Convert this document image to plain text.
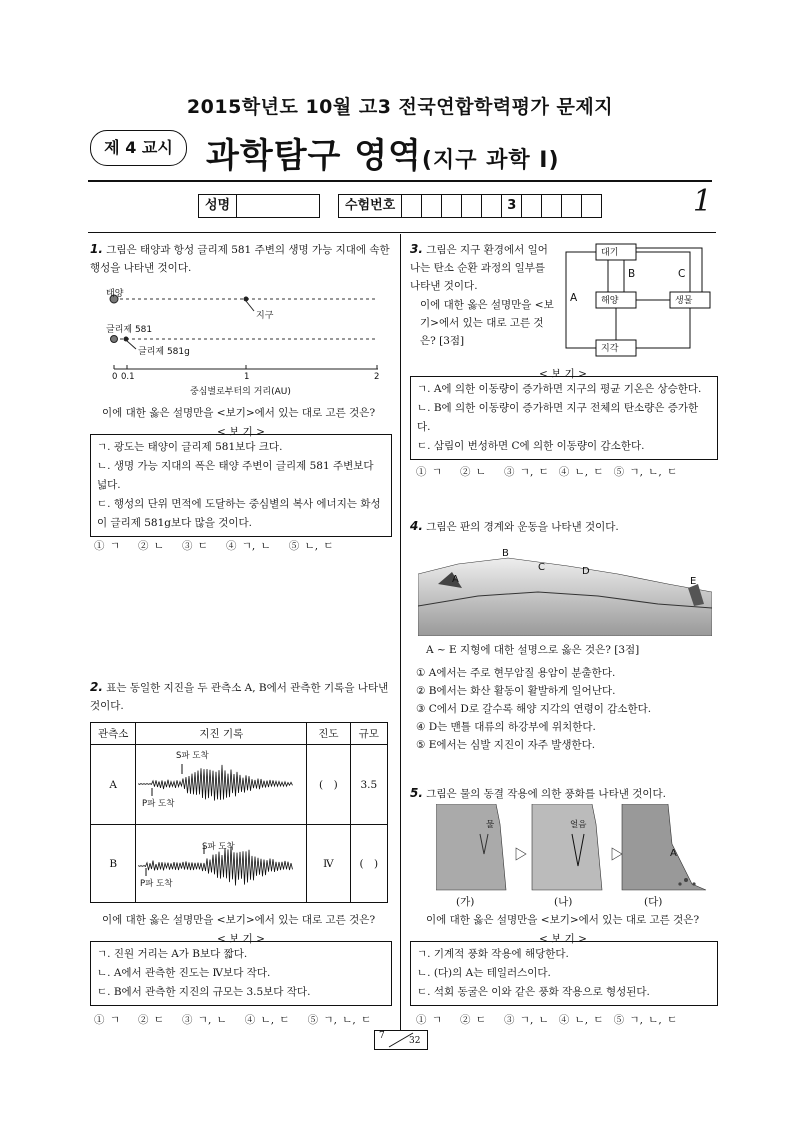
2015학년도 10월 고3 전국연합학력평가 문제지
제 4 교시 과학탐구 영역(지구 과학 Ⅰ)
성명	수험번호	3	1
1. 그림은 태양과 항성 글리제 581 주변의 생명 가능 지대에 속한 행성을 나타낸 것이다.
태양
지구
글리제 581
글리제 581g
0 0.1	1	2
중심별로부터의 거리(AU)
이에 대한 옳은 설명만을 <보기>에서 있는 대로 고른 것은?
< 보 기 >
ㄱ. 광도는 태양이 글리제 581보다 크다.
ㄴ. 생명 가능 지대의 폭은 태양 주변이 글리제 581 주변보다 넓다.
ㄷ. 행성의 단위 면적에 도달하는 중심별의 복사 에너지는 화성이 글리제 581g보다 많을 것이다.
① ㄱ ② ㄴ ③ ㄷ ④ ㄱ, ㄴ ⑤ ㄴ, ㄷ
2. 표는 동일한 지진을 두 관측소 A, B에서 관측한 기록을 나타낸 것이다.
관측소	지진 기록	진도	규모
A		(　)	3.5
B		Ⅳ	(　)
S파 도착
P파 도착
S파 도착
P파 도착
이에 대한 옳은 설명만을 <보기>에서 있는 대로 고른 것은?
< 보 기 >
ㄱ. 진원 거리는 A가 B보다 짧다.
ㄴ. A에서 관측한 진도는 Ⅳ보다 작다.
ㄷ. B에서 관측한 지진의 규모는 3.5보다 작다.
① ㄱ ② ㄷ ③ ㄱ, ㄴ ④ ㄴ, ㄷ ⑤ ㄱ, ㄴ, ㄷ
3. 그림은 지구 환경에서 일어나는 탄소 순환 과정의 일부를 나타낸 것이다.
이에 대한 옳은 설명만을 <보기>에서 있는 대로 고른 것은? [3점]
대기
해양	생물
지각
A
B	C
< 보 기 >
ㄱ. A에 의한 이동량이 증가하면 지구의 평균 기온은 상승한다.
ㄴ. B에 의한 이동량이 증가하면 지구 전체의 탄소량은 증가한다.
ㄷ. 삼림이 번성하면 C에 의한 이동량이 감소한다.
① ㄱ ② ㄴ ③ ㄱ, ㄷ ④ ㄴ, ㄷ ⑤ ㄱ, ㄴ, ㄷ
4. 그림은 판의 경계와 운동을 나타낸 것이다.
A
B
C	D
E
A ~ E 지형에 대한 설명으로 옳은 것은? [3점]
① A에서는 주로 현무암질 용암이 분출한다.
② B에서는 화산 활동이 활발하게 일어난다.
③ C에서 D로 갈수록 해양 지각의 연령이 감소한다.
④ D는 맨틀 대류의 하강부에 위치한다.
⑤ E에서는 심발 지진이 자주 발생한다.
5. 그림은 물의 동결 작용에 의한 풍화를 나타낸 것이다.
물	얼음
A
(가)	(나)	(다)
이에 대한 옳은 설명만을 <보기>에서 있는 대로 고른 것은?
< 보 기 >
ㄱ. 기계적 풍화 작용에 해당한다.
ㄴ. (다)의 A는 테일러스이다.
ㄷ. 석회 동굴은 이와 같은 풍화 작용으로 형성된다.
① ㄱ ② ㄷ ③ ㄱ, ㄴ ④ ㄴ, ㄷ ⑤ ㄱ, ㄴ, ㄷ
7	32
